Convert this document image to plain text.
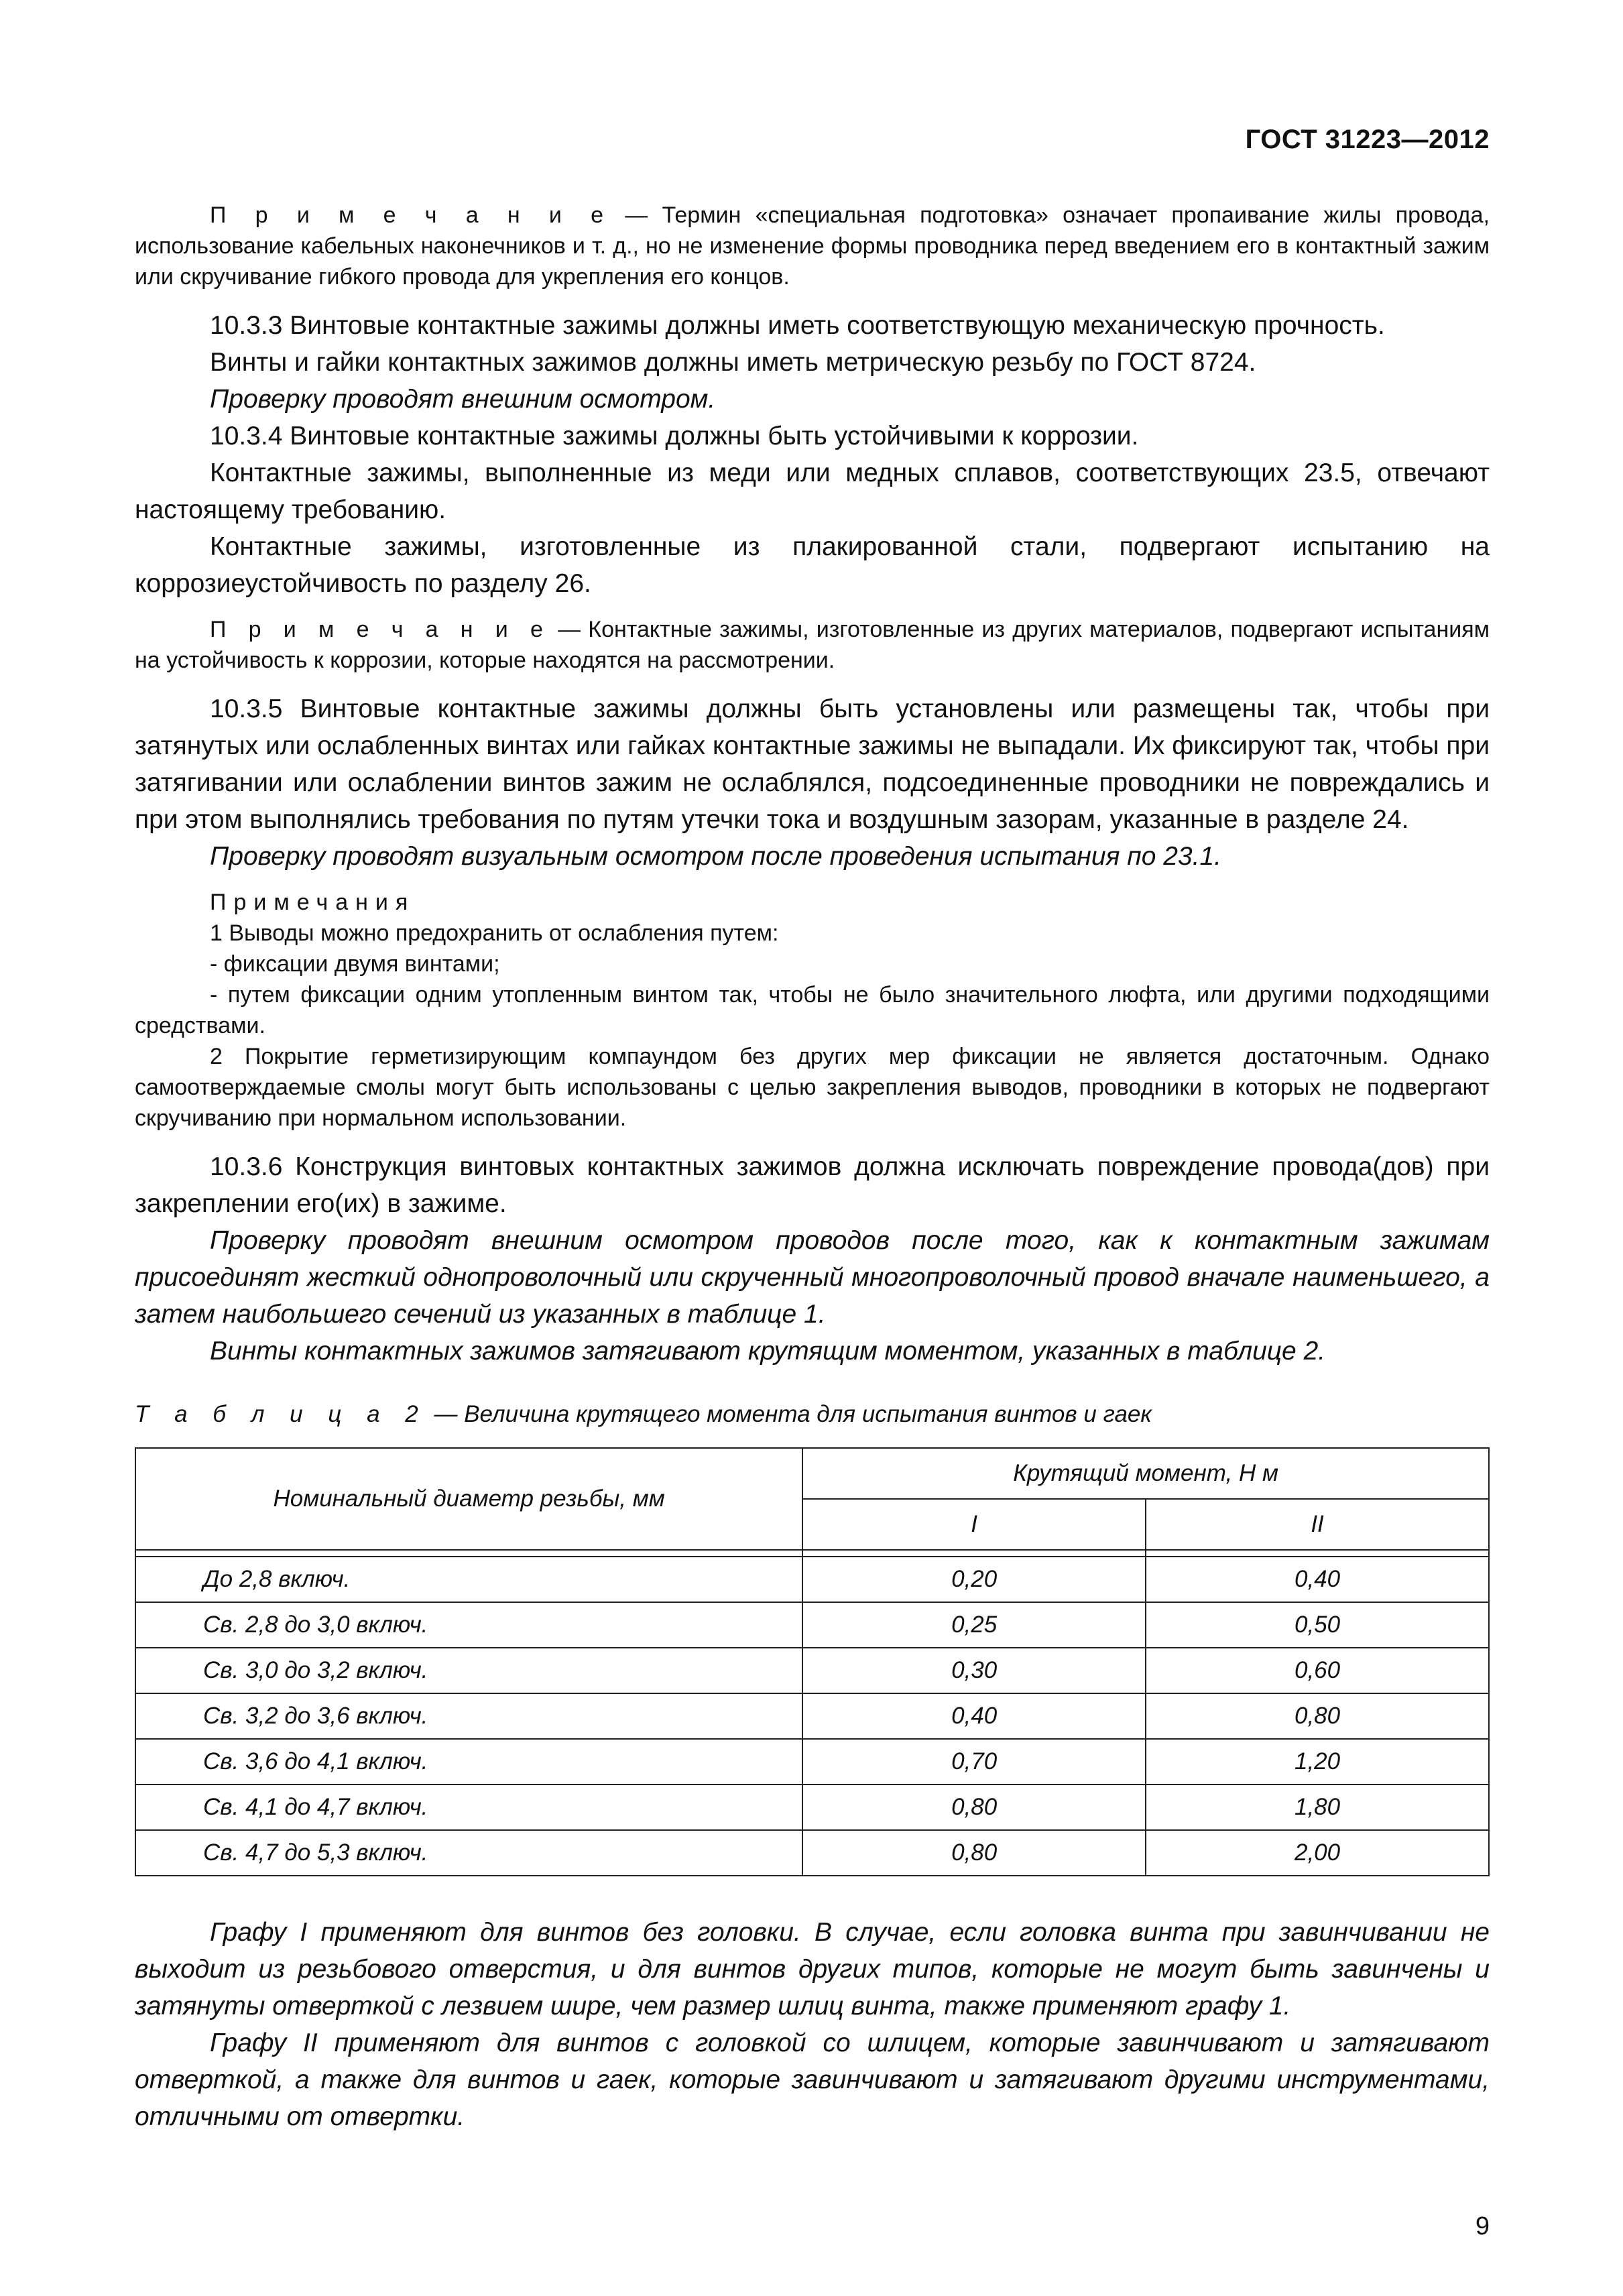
ГОСТ 31223—2012

П р и м е ч а н и е — Термин «специальная подготовка» означает пропаивание жилы провода, использование кабельных наконечников и т. д., но не изменение формы проводника перед введением его в контактный зажим или скручивание гибкого провода для укрепления его концов.

10.3.3 Винтовые контактные зажимы должны иметь соответствующую механическую прочность.

Винты и гайки контактных зажимов должны иметь метрическую резьбу по ГОСТ 8724.

Проверку проводят внешним осмотром.

10.3.4 Винтовые контактные зажимы должны быть устойчивыми к коррозии.

Контактные зажимы, выполненные из меди или медных сплавов, соответствующих 23.5, отвечают настоящему требованию.

Контактные зажимы, изготовленные из плакированной стали, подвергают испытанию на коррозиеустойчивость по разделу 26.

П р и м е ч а н и е — Контактные зажимы, изготовленные из других материалов, подвергают испытаниям на устойчивость к коррозии, которые находятся на рассмотрении.

10.3.5 Винтовые контактные зажимы должны быть установлены или размещены так, чтобы при затянутых или ослабленных винтах или гайках контактные зажимы не выпадали. Их фиксируют так, чтобы при затягивании или ослаблении винтов зажим не ослаблялся, подсоединенные проводники не повреждались и при этом выполнялись требования по путям утечки тока и воздушным зазорам, указанные в разделе 24.

Проверку проводят визуальным осмотром после проведения испытания по 23.1.

Примечания

1 Выводы можно предохранить от ослабления путем:

- фиксации двумя винтами;

- путем фиксации одним утопленным винтом так, чтобы не было значительного люфта, или другими подходящими средствами.

2 Покрытие герметизирующим компаундом без других мер фиксации не является достаточным. Однако самоотверждаемые смолы могут быть использованы с целью закрепления выводов, проводники в которых не подвергают скручиванию при нормальном использовании.

10.3.6 Конструкция винтовых контактных зажимов должна исключать повреждение провода(дов) при закреплении его(их) в зажиме.

Проверку проводят внешним осмотром проводов после того, как к контактным зажимам присоединят жесткий однопроволочный или скрученный многопроволочный провод вначале наименьшего, а затем наибольшего сечений из указанных в таблице 1.

Винты контактных зажимов затягивают крутящим моментом, указанных в таблице 2.

Т а б л и ц а 2 — Величина крутящего момента для испытания винтов и гаек
Номинальный диаметр резьбы, мм	Крутящий момент, Н м	
	I	II

До 2,8 включ.	0,20	0,40
Св. 2,8 до 3,0 включ.	0,25	0,50
Св. 3,0 до 3,2 включ.	0,30	0,60
Св. 3,2 до 3,6 включ.	0,40	0,80
Св. 3,6 до 4,1 включ.	0,70	1,20
Св. 4,1 до 4,7 включ.	0,80	1,80
Св. 4,7 до 5,3 включ.	0,80	2,00

Графу I применяют для винтов без головки. В случае, если головка винта при завинчивании не выходит из резьбового отверстия, и для винтов других типов, которые не могут быть завинчены и затянуты отверткой с лезвием шире, чем размер шлиц винта, также применяют графу 1.

Графу II применяют для винтов с головкой со шлицем, которые завинчивают и затягивают отверткой, а также для винтов и гаек, которые завинчивают и затягивают другими инструментами, отличными от отвертки.

9
